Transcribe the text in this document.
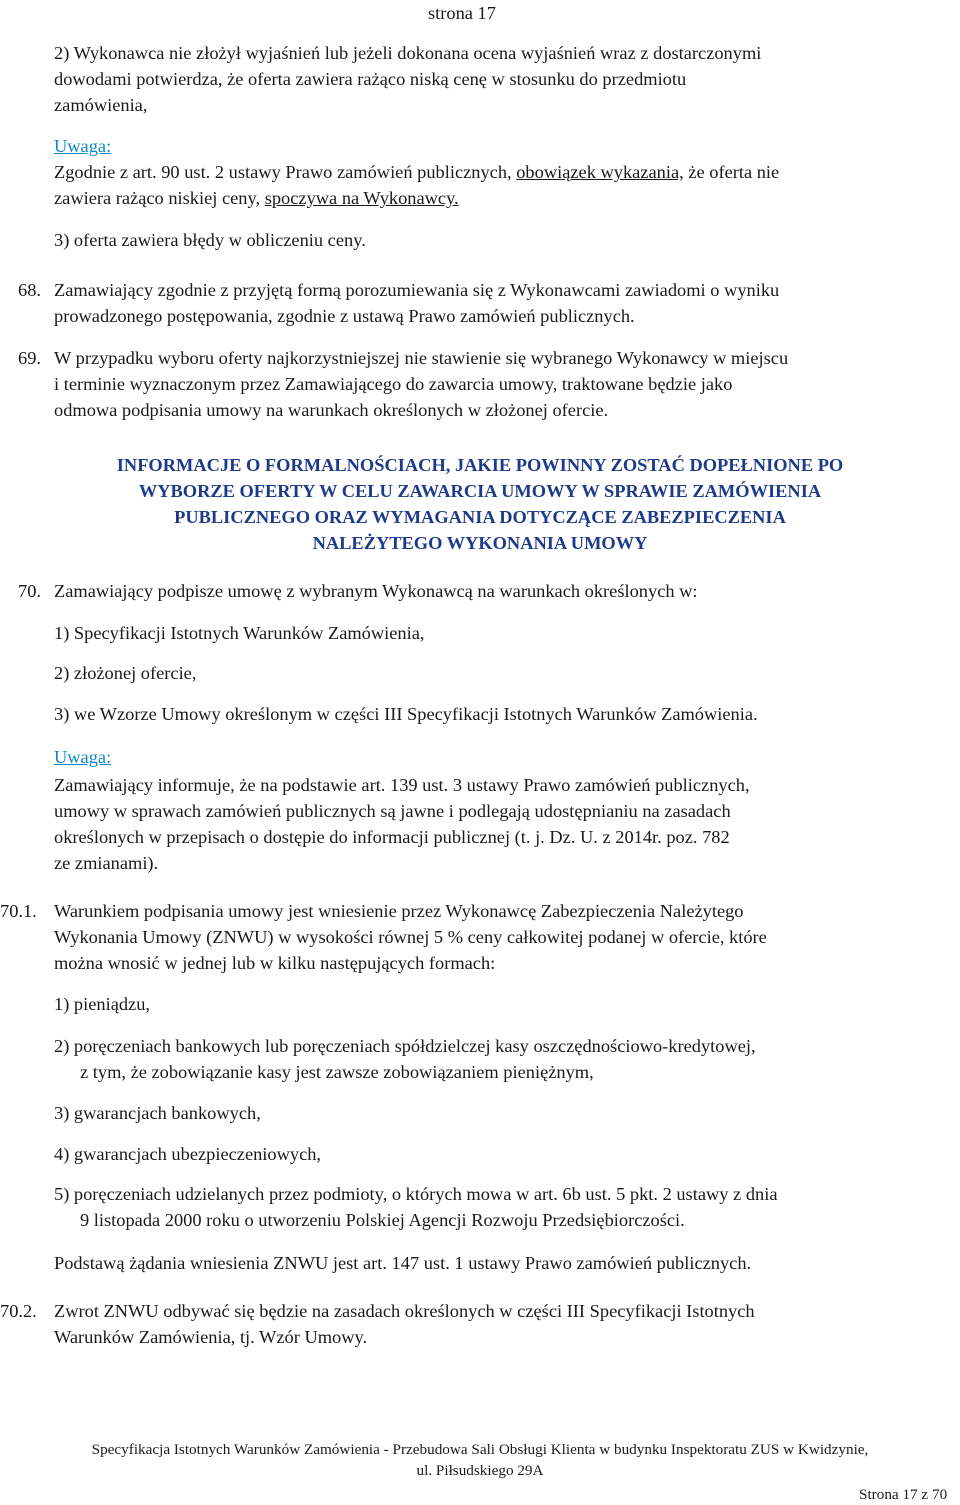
strona 17
2) Wykonawca nie złożył wyjaśnień lub jeżeli dokonana ocena wyjaśnień wraz z dostarczonymi
dowodami potwierdza, że oferta zawiera rażąco niską cenę w stosunku do przedmiotu
zamówienia,
Uwaga:
Zgodnie z art. 90 ust. 2 ustawy Prawo zamówień publicznych, obowiązek wykazania, że oferta nie
zawiera rażąco niskiej ceny, spoczywa na Wykonawcy.
3) oferta zawiera błędy w obliczeniu ceny.
68. Zamawiający zgodnie z przyjętą formą porozumiewania się z Wykonawcami zawiadomi o wyniku
prowadzonego postępowania, zgodnie z ustawą Prawo zamówień publicznych.
69. W przypadku wyboru oferty najkorzystniejszej nie stawienie się wybranego Wykonawcy w miejscu
i terminie wyznaczonym przez Zamawiającego do zawarcia umowy, traktowane będzie jako
odmowa podpisania umowy na warunkach określonych w złożonej ofercie.
INFORMACJE O FORMALNOŚCIACH, JAKIE POWINNY ZOSTAĆ DOPEŁNIONE PO
WYBORZE OFERTY W CELU ZAWARCIA UMOWY W SPRAWIE ZAMÓWIENIA
PUBLICZNEGO ORAZ WYMAGANIA DOTYCZĄCE ZABEZPIECZENIA
NALEŻYTEGO WYKONANIA UMOWY
70. Zamawiający podpisze umowę z wybranym Wykonawcą na warunkach określonych w:
1) Specyfikacji Istotnych Warunków Zamówienia,
2) złożonej ofercie,
3) we Wzorze Umowy określonym w części III Specyfikacji Istotnych Warunków Zamówienia.
Uwaga:
Zamawiający informuje, że na podstawie art. 139 ust. 3 ustawy Prawo zamówień publicznych,
umowy w sprawach zamówień publicznych są jawne i podlegają udostępnianiu na zasadach
określonych w przepisach o dostępie do informacji publicznej (t. j. Dz. U. z 2014r. poz. 782
ze zmianami).
70.1. Warunkiem podpisania umowy jest wniesienie przez Wykonawcę Zabezpieczenia Należytego
Wykonania Umowy (ZNWU) w wysokości równej 5 % ceny całkowitej podanej w ofercie, które
można wnosić w jednej lub w kilku następujących formach:
1) pieniądzu,
2) poręczeniach bankowych lub poręczeniach spółdzielczej kasy oszczędnościowo-kredytowej,
z tym, że zobowiązanie kasy jest zawsze zobowiązaniem pieniężnym,
3) gwarancjach bankowych,
4) gwarancjach ubezpieczeniowych,
5) poręczeniach udzielanych przez podmioty, o których mowa w art. 6b ust. 5 pkt. 2 ustawy z dnia
9 listopada 2000 roku o utworzeniu Polskiej Agencji Rozwoju Przedsiębiorczości.
Podstawą żądania wniesienia ZNWU jest art. 147 ust. 1 ustawy Prawo zamówień publicznych.
70.2. Zwrot ZNWU odbywać się będzie na zasadach określonych w części III Specyfikacji Istotnych
Warunków Zamówienia, tj. Wzór Umowy.
Specyfikacja Istotnych Warunków Zamówienia - Przebudowa Sali Obsługi Klienta w budynku Inspektoratu ZUS w Kwidzynie,
ul. Piłsudskiego 29A
Strona 17 z 70
